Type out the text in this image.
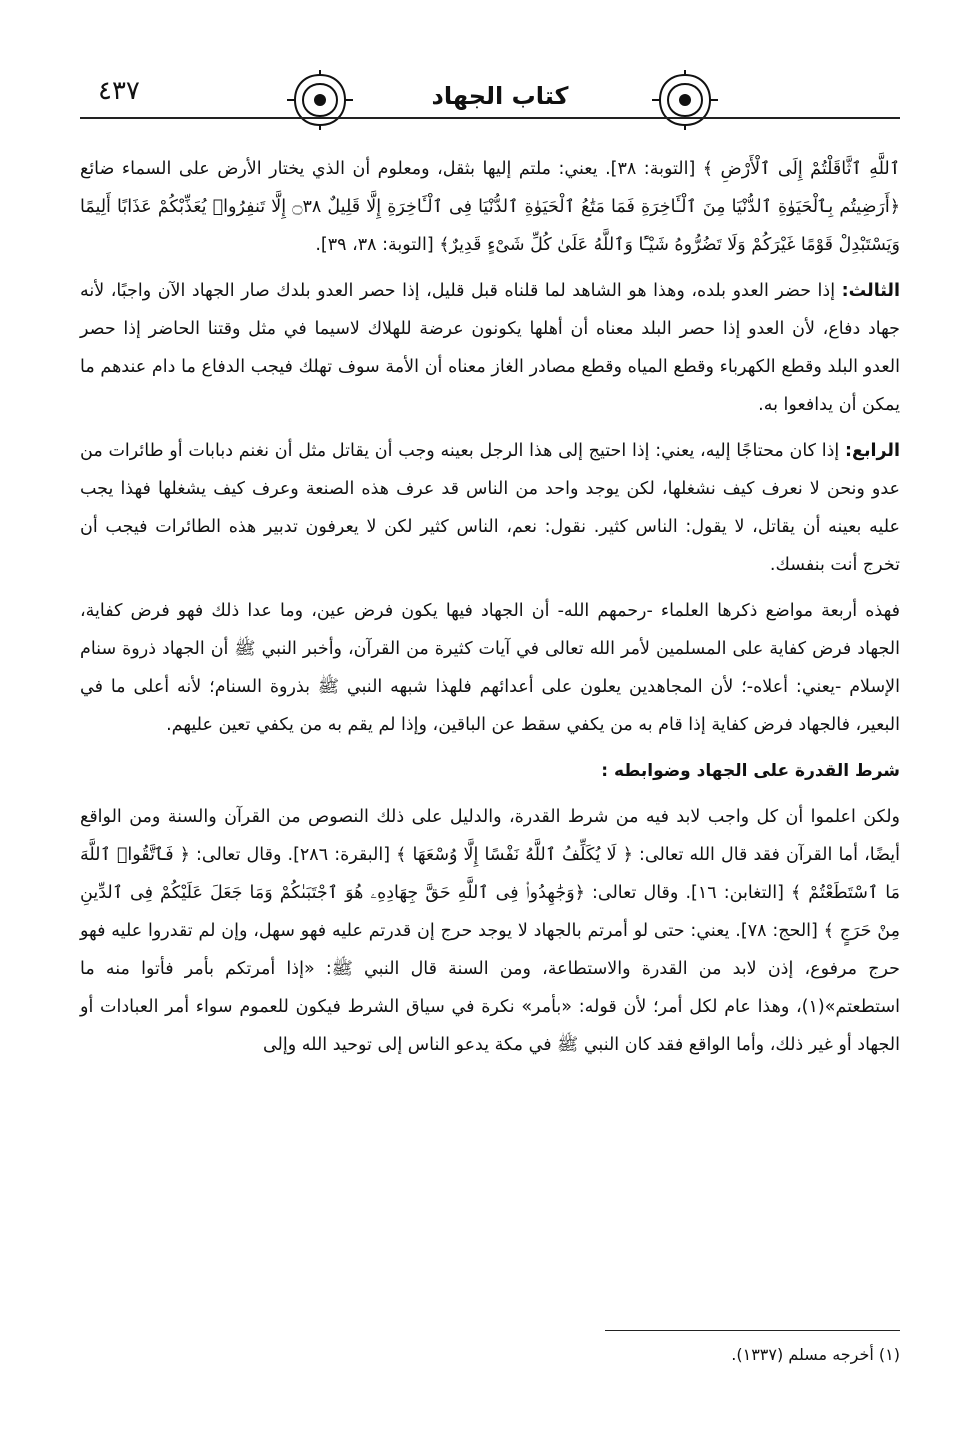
٤٣٧	كتاب الجهاد

ٱللَّهِ ٱثَّاقَلْتُمْ إِلَى ٱلْأَرْضِ ﴾ [التوبة: ٣٨]. يعني: ملتم إليها بثقل، ومعلوم أن الذي يختار الأرض على السماء ضائع ﴿أَرَضِيتُم بِٱلْحَيَوٰةِ ٱلدُّنْيَا مِنَ ٱلْـَٔاخِرَةِ فَمَا مَتَٰعُ ٱلْحَيَوٰةِ ٱلدُّنْيَا فِى ٱلْـَٔاخِرَةِ إِلَّا قَلِيلٌ ۝٣٨ إِلَّا تَنفِرُوا۟ يُعَذِّبْكُمْ عَذَابًا أَلِيمًا وَيَسْتَبْدِلْ قَوْمًا غَيْرَكُمْ وَلَا تَضُرُّوهُ شَيْـًٔا وَٱللَّهُ عَلَىٰ كُلِّ شَىْءٍ قَدِيرٌ﴾ [التوبة: ٣٨، ٣٩].

الثالث: إذا حضر العدو بلده، وهذا هو الشاهد لما قلناه قبل قليل، إذا حصر العدو بلدك صار الجهاد الآن واجبًا، لأنه جهاد دفاع، لأن العدو إذا حصر البلد معناه أن أهلها يكونون عرضة للهلاك لاسيما في مثل وقتنا الحاضر إذا حصر العدو البلد وقطع الكهرباء وقطع المياه وقطع مصادر الغاز معناه أن الأمة سوف تهلك فيجب الدفاع ما دام عندهم ما يمكن أن يدافعوا به.

الرابع: إذا كان محتاجًا إليه، يعني: إذا احتيج إلى هذا الرجل بعينه وجب أن يقاتل مثل أن نغنم دبابات أو طائرات من عدو ونحن لا نعرف كيف نشغلها، لكن يوجد واحد من الناس قد عرف هذه الصنعة وعرف كيف يشغلها فهذا يجب عليه بعينه أن يقاتل، لا يقول: الناس كثير. نقول: نعم، الناس كثير لكن لا يعرفون تدبير هذه الطائرات فيجب أن تخرج أنت بنفسك.

فهذه أربعة مواضع ذكرها العلماء -رحمهم الله- أن الجهاد فيها يكون فرض عين، وما عدا ذلك فهو فرض كفاية، الجهاد فرض كفاية على المسلمين لأمر الله تعالى في آيات كثيرة من القرآن، وأخبر النبي ﷺ أن الجهاد ذروة سنام الإسلام -يعني: أعلاه-؛ لأن المجاهدين يعلون على أعدائهم فلهذا شبهه النبي ﷺ بذروة السنام؛ لأنه أعلى ما في البعير، فالجهاد فرض كفاية إذا قام به من يكفي سقط عن الباقين، وإذا لم يقم به من يكفي تعين عليهم.

شرط القدرة على الجهاد وضوابطه :

ولكن اعلموا أن كل واجب لابد فيه من شرط القدرة، والدليل على ذلك النصوص من القرآن والسنة ومن الواقع أيضًا، أما القرآن فقد قال الله تعالى: ﴿ لَا يُكَلِّفُ ٱللَّهُ نَفْسًا إِلَّا وُسْعَهَا ﴾ [البقرة: ٢٨٦]. وقال تعالى: ﴿ فَٱتَّقُوا۟ ٱللَّهَ مَا ٱسْتَطَعْتُمْ ﴾ [التغابن: ١٦]. وقال تعالى: ﴿وَجَٰهِدُوا۟ فِى ٱللَّهِ حَقَّ جِهَادِهِۦ هُوَ ٱجْتَبَىٰكُمْ وَمَا جَعَلَ عَلَيْكُمْ فِى ٱلدِّينِ مِنْ حَرَجٍ ﴾ [الحج: ٧٨]. يعني: حتى لو أمرتم بالجهاد لا يوجد حرج إن قدرتم عليه فهو سهل، وإن لم تقدروا عليه فهو حرج مرفوع، إذن لابد من القدرة والاستطاعة، ومن السنة قال النبي ﷺ: «إذا أمرتكم بأمر فأتوا منه ما استطعتم»(١)، وهذا عام لكل أمر؛ لأن قوله: «بأمر» نكرة في سياق الشرط فيكون للعموم سواء أمر العبادات أو الجهاد أو غير ذلك، وأما الواقع فقد كان النبي ﷺ في مكة يدعو الناس إلى توحيد الله وإلى

(١) أخرجه مسلم (١٣٣٧).
